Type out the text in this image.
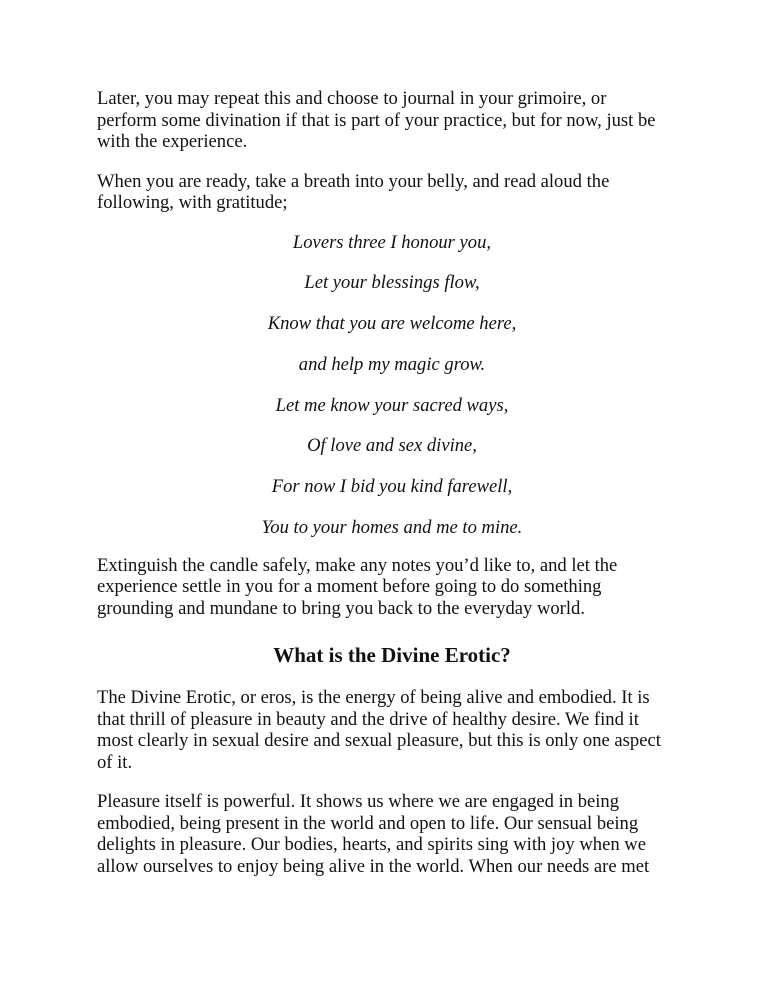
Later, you may repeat this and choose to journal in your grimoire, or
perform some divination if that is part of your practice, but for now, just be
with the experience.

When you are ready, take a breath into your belly, and read aloud the
following, with gratitude;

Lovers three I honour you,
Let your blessings flow,
Know that you are welcome here,
and help my magic grow.
Let me know your sacred ways,
Of love and sex divine,
For now I bid you kind farewell,
You to your homes and me to mine.

Extinguish the candle safely, make any notes you’d like to, and let the
experience settle in you for a moment before going to do something
grounding and mundane to bring you back to the everyday world.

What is the Divine Erotic?

The Divine Erotic, or eros, is the energy of being alive and embodied. It is
that thrill of pleasure in beauty and the drive of healthy desire. We find it
most clearly in sexual desire and sexual pleasure, but this is only one aspect
of it.

Pleasure itself is powerful. It shows us where we are engaged in being
embodied, being present in the world and open to life. Our sensual being
delights in pleasure. Our bodies, hearts, and spirits sing with joy when we
allow ourselves to enjoy being alive in the world. When our needs are met
